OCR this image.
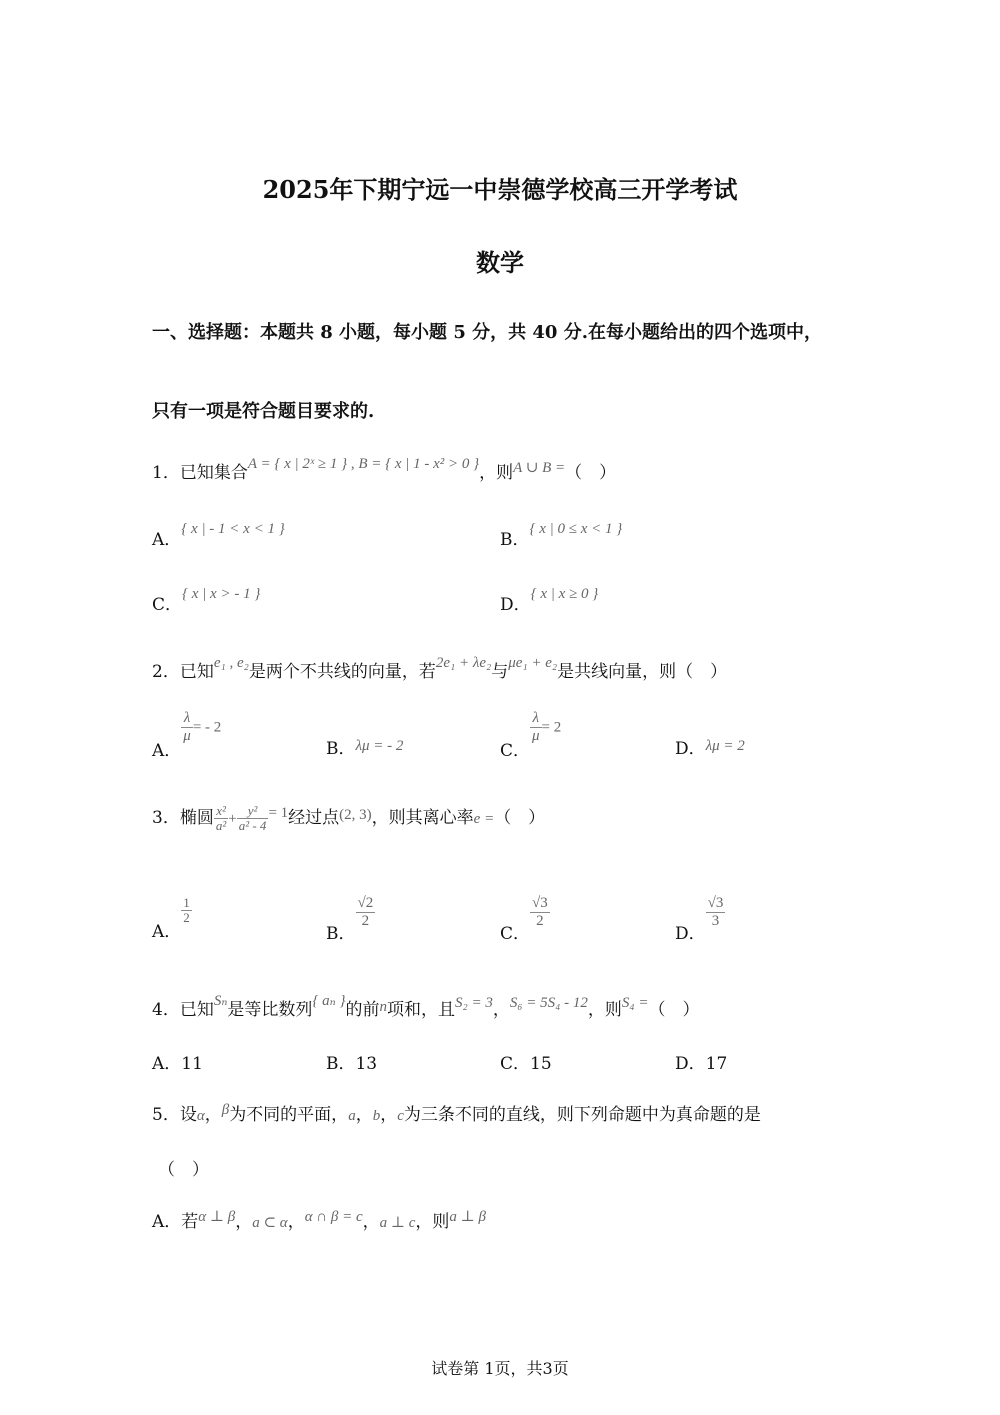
2025年下期宁远一中崇德学校高三开学考试
数学
一、选择题：本题共 8 小题，每小题 5 分，共 40 分.在每小题给出的四个选项中，
只有一项是符合题目要求的.
1．已知集合A = { x | 2ˣ ≥ 1 } , B = { x | 1 - x² > 0 }，则A ∪ B =（　）
A．{ x | - 1 < x < 1 }
B．{ x | 0 ≤ x < 1 }
C．{ x | x > - 1 }
D．{ x | x ≥ 0 }
2．已知e₁ , e₂是两个不共线的向量，若2e₁ + λe₂与μe₁ + e₂是共线向量，则（　）
A．
$\frac{\lambda}{\mu}$ = - 2
B．λμ = - 2	C．
$\frac{\lambda}{\mu} = 2$
D．λμ = 2
3．椭圆 $\frac{\text{x²}}{\text{a²}} + \frac{\text{y²}}{\text{a² - 4}} = 1$经过点(2, 3)，则其离心率e =（　）
A．
$\frac{1}{2}$
B．
$\frac{√2}{2}$
C．
$\frac{√3}{2}$
D．
$\frac{√3}{3}$
4．已知Sₙ是等比数列{ aₙ }的前n项和，且S₂ = 3，S₆ = 5S₄ - 12，则S₄ =（　）
A．11	B．13	C．15	D．17
5．设α，β为不同的平面，a，b，c为三条不同的直线，则下列命题中为真命题的是
（　）
A．若α ⊥ β，a ⊂ α，α ∩ β = c，a ⊥ c，则a ⊥ β
试卷第 1页，共3页
